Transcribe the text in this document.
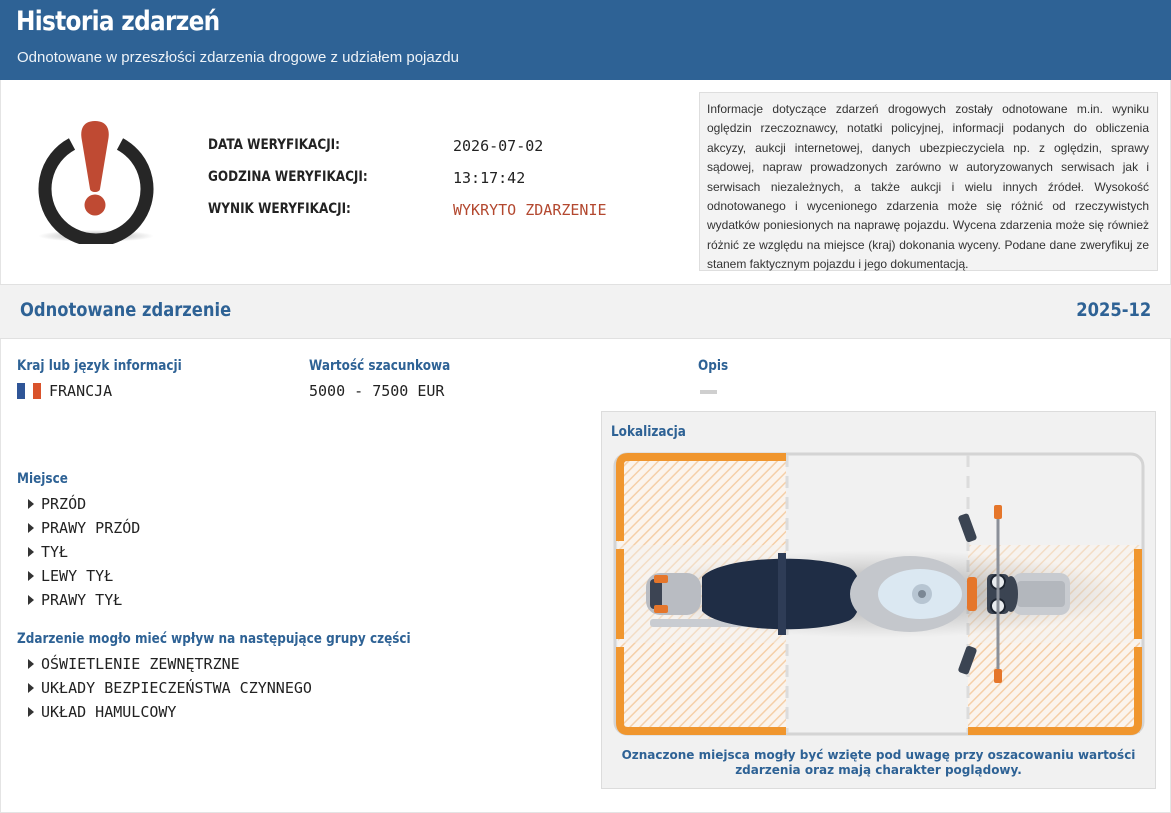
Historia zdarzeń
Odnotowane w przeszłości zdarzenia drogowe z udziałem pojazdu
DATA WERYFIKACJI:	2026-07-02
GODZINA WERYFIKACJI:	13:17:42
WYNIK WERYFIKACJI:	WYKRYTO ZDARZENIE
Informacje dotyczące zdarzeń drogowych zostały odnotowane m.in. wyniku oględzin rzeczoznawcy, notatki policyjnej, informacji podanych do obliczenia akcyzy, aukcji internetowej, danych ubezpieczyciela np. z oględzin, sprawy sądowej, napraw prowadzonych zarówno w autoryzowanych serwisach jak i serwisach niezależnych, a także aukcji i wielu innych źródeł. Wysokość odnotowanego i wycenionego zdarzenia może się różnić od rzeczywistych wydatków poniesionych na naprawę pojazdu. Wycena zdarzenia może się również różnić ze względu na miejsce (kraj) dokonania wyceny. Podane dane zweryfikuj ze stanem faktycznym pojazdu i jego dokumentacją.
Odnotowane zdarzenie	2025-12
Kraj lub język informacji
FRANCJA
Wartość szacunkowa
5000 - 7500 EUR
Opis
Miejsce
PRZÓD
PRAWY PRZÓD
TYŁ
LEWY TYŁ
PRAWY TYŁ
Zdarzenie mogło mieć wpływ na następujące grupy części
OŚWIETLENIE ZEWNĘTRZNE
UKŁADY BEZPIECZEŃSTWA CZYNNEGO
UKŁAD HAMULCOWY
Lokalizacja
Oznaczone miejsca mogły być wzięte pod uwagę przy oszacowaniu wartości zdarzenia oraz mają charakter poglądowy.
